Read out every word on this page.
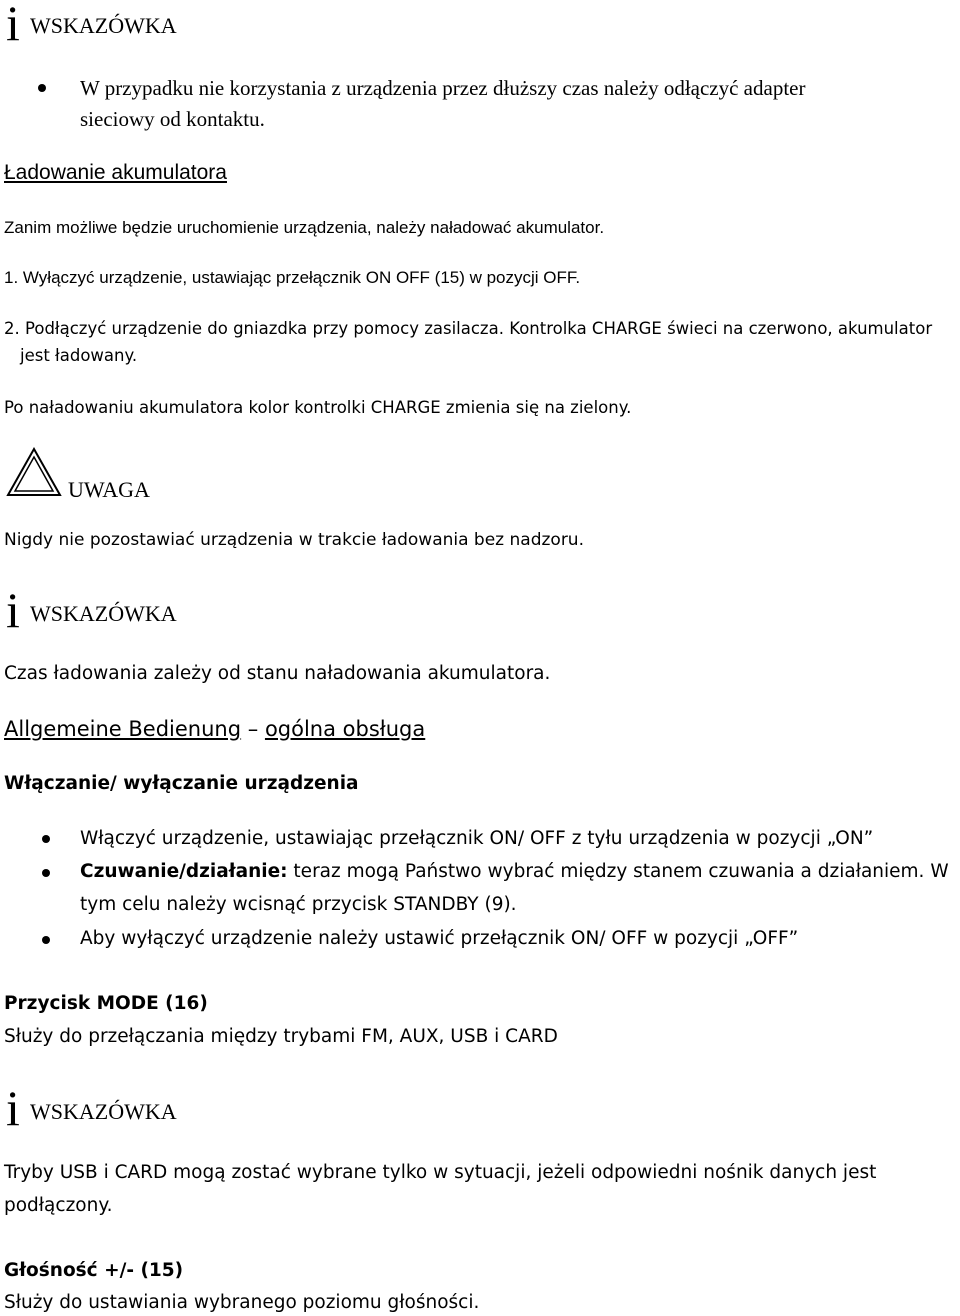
i WSKAZÓWKA
W przypadku nie korzystania z urządzenia przez dłuższy czas należy odłączyć adapter
sieciowy od kontaktu.
Ładowanie akumulatora
Zanim możliwe będzie uruchomienie urządzenia, należy naładować akumulator.
1. Wyłączyć urządzenie, ustawiając przełącznik ON OFF (15) w pozycji OFF.
2. Podłączyć urządzenie do gniazdka przy pomocy zasilacza. Kontrolka CHARGE świeci na czerwono, akumulator
jest ładowany.
Po naładowaniu akumulatora kolor kontrolki CHARGE zmienia się na zielony.
UWAGA
Nigdy nie pozostawiać urządzenia w trakcie ładowania bez nadzoru.
i WSKAZÓWKA
Czas ładowania zależy od stanu naładowania akumulatora.
Allgemeine Bedienung – ogólna obsługa
Włączanie/ wyłączanie urządzenia
Włączyć urządzenie, ustawiając przełącznik ON/ OFF z tyłu urządzenia w pozycji „ON”
Czuwanie/działanie: teraz mogą Państwo wybrać między stanem czuwania a działaniem. W
tym celu należy wcisnąć przycisk STANDBY (9).
Aby wyłączyć urządzenie należy ustawić przełącznik ON/ OFF w pozycji „OFF”
Przycisk MODE (16)
Służy do przełączania między trybami FM, AUX, USB i CARD
i WSKAZÓWKA
Tryby USB i CARD mogą zostać wybrane tylko w sytuacji, jeżeli odpowiedni nośnik danych jest
podłączony.
Głośność +/- (15)
Służy do ustawiania wybranego poziomu głośności.
